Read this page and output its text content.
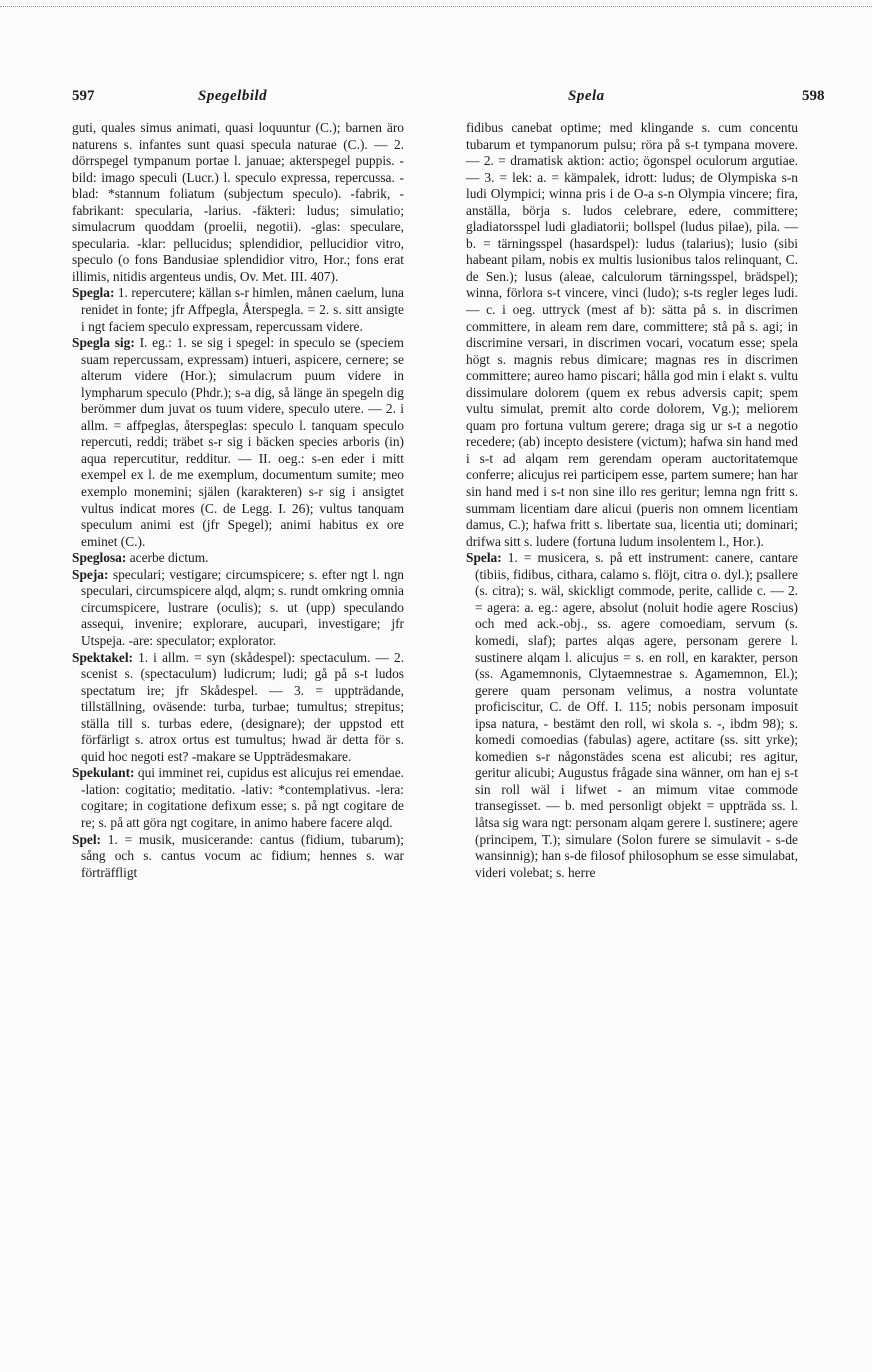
597	Spegelbild	Spela	598

guti, quales simus animati, quasi loquuntur (C.); barnen äro naturens s. infantes sunt quasi specula naturae (C.). — 2. dörrspegel tympanum portae l. januae; akterspegel puppis. -bild: imago speculi (Lucr.) l. speculo expressa, repercussa. -blad: *stannum foliatum (subjectum speculo). -fabrik, -fabrikant: specularia, -larius. -fäkteri: ludus; simulatio; simulacrum quoddam (proelii, negotii). -glas: speculare, specularia. -klar: pellucidus; splendidior, pellucidior vitro, speculo (o fons Bandusiae splendidior vitro, Hor.; fons erat illimis, nitidis argenteus undis, Ov. Met. III. 407).

Spegla: 1. repercutere; källan s-r himlen, månen caelum, luna renidet in fonte; jfr Affpegla, Återspegla. = 2. s. sitt ansigte i ngt faciem speculo expressam, repercussam videre.

Spegla sig: I. eg.: 1. se sig i spegel: in speculo se (speciem suam repercussam, expressam) intueri, aspicere, cernere; se alterum videre (Hor.); simulacrum puum videre in lympharum speculo (Phdr.); s-a dig, så länge än spegeln dig berömmer dum juvat os tuum videre, speculo utere. — 2. i allm. = affpeglas, återspeglas: speculo l. tanquam speculo repercuti, reddi; träbet s-r sig i bäcken species arboris (in) aqua repercutitur, redditur. — II. oeg.: s-en eder i mitt exempel ex l. de me exemplum, documentum sumite; meo exemplo monemini; själen (karakteren) s-r sig i ansigtet vultus indicat mores (C. de Legg. I. 26); vultus tanquam speculum animi est (jfr Spegel); animi habitus ex ore eminet (C.).

Speglosa: acerbe dictum.

Speja: speculari; vestigare; circumspicere; s. efter ngt l. ngn speculari, circumspicere alqd, alqm; s. rundt omkring omnia circumspicere, lustrare (oculis); s. ut (upp) speculando assequi, invenire; explorare, aucupari, investigare; jfr Utspeja. -are: speculator; explorator.

Spektakel: 1. i allm. = syn (skådespel): spectaculum. — 2. scenist s. (spectaculum) ludicrum; ludi; gå på s-t ludos spectatum ire; jfr Skådespel. — 3. = uppträdande, tillställning, oväsende: turba, turbae; tumultus; strepitus; ställa till s. turbas edere, (designare); der uppstod ett förfärligt s. atrox ortus est tumultus; hwad är detta för s. quid hoc negoti est? -makare se Uppträdesmakare.

Spekulant: qui imminet rei, cupidus est alicujus rei emendae. -lation: cogitatio; meditatio. -lativ: *contemplativus. -lera: cogitare; in cogitatione defixum esse; s. på ngt cogitare de re; s. på att göra ngt cogitare, in animo habere facere alqd.

Spel: 1. = musik, musicerande: cantus (fidium, tubarum); sång och s. cantus vocum ac fidium; hennes s. war förträffligt

fidibus canebat optime; med klingande s. cum concentu tubarum et tympanorum pulsu; röra på s-t tympana movere. — 2. = dramatisk aktion: actio; ögonspel oculorum argutiae. — 3. = lek: a. = kämpalek, idrott: ludus; de Olympiska s-n ludi Olympici; winna pris i de O-a s-n Olympia vincere; fira, anställa, börja s. ludos celebrare, edere, committere; gladiatorsspel ludi gladiatorii; bollspel (ludus pilae), pila. — b. = tärningsspel (hasardspel): ludus (talarius); lusio (sibi habeant pilam, nobis ex multis lusionibus talos relinquant, C. de Sen.); lusus (aleae, calculorum tärningsspel, brädspel); winna, förlora s-t vincere, vinci (ludo); s-ts regler leges ludi. — c. i oeg. uttryck (mest af b): sätta på s. in discrimen committere, in aleam rem dare, committere; stå på s. agi; in discrimine versari, in discrimen vocari, vocatum esse; spela högt s. magnis rebus dimicare; magnas res in discrimen committere; aureo hamo piscari; hålla god min i elakt s. vultu dissimulare dolorem (quem ex rebus adversis capit; spem vultu simulat, premit alto corde dolorem, Vg.); meliorem quam pro fortuna vultum gerere; draga sig ur s-t a negotio recedere; (ab) incepto desistere (victum); hafwa sin hand med i s-t ad alqam rem gerendam operam auctoritatemque conferre; alicujus rei participem esse, partem sumere; han har sin hand med i s-t non sine illo res geritur; lemna ngn fritt s. summam licentiam dare alicui (pueris non omnem licentiam damus, C.); hafwa fritt s. libertate sua, licentia uti; dominari; drifwa sitt s. ludere (fortuna ludum insolentem l., Hor.).

Spela: 1. = musicera, s. på ett instrument: canere, cantare (tibiis, fidibus, cithara, calamo s. flöjt, citra o. dyl.); psallere (s. citra); s. wäl, skickligt commode, perite, callide c. — 2. = agera: a. eg.: agere, absolut (noluit hodie agere Roscius) och med ack.-obj., ss. agere comoediam, servum (s. komedi, slaf); partes alqas agere, personam gerere l. sustinere alqam l. alicujus = s. en roll, en karakter, person (ss. Agamemnonis, Clytaemnestrae s. Agamemnon, El.); gerere quam personam velimus, a nostra voluntate proficiscitur, C. de Off. I. 115; nobis personam imposuit ipsa natura, - bestämt den roll, wi skola s. -, ibdm 98); s. komedi comoedias (fabulas) agere, actitare (ss. sitt yrke); komedien s-r någonstädes scena est alicubi; res agitur, geritur alicubi; Augustus frågade sina wänner, om han ej s-t sin roll wäl i lifwet - an mimum vitae commode transegisset. — b. med personligt objekt = uppträda ss. l. låtsa sig wara ngt: personam alqam gerere l. sustinere; agere (principem, T.); simulare (Solon furere se simulavit - s-de wansinnig); han s-de filosof philosophum se esse simulabat, videri volebat; s. herre
